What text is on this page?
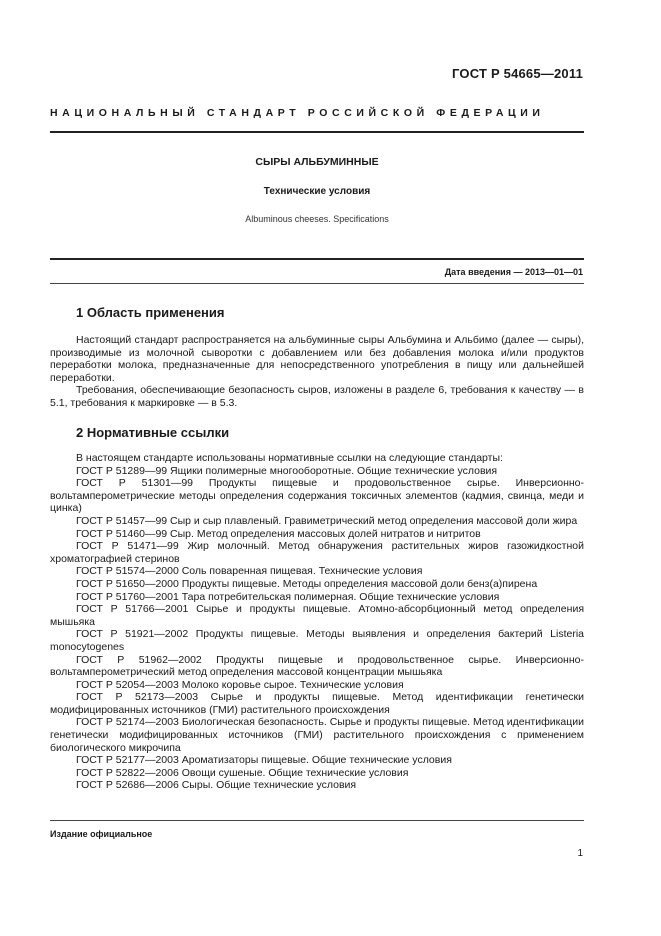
ГОСТ Р 54665—2011
НАЦИОНАЛЬНЫЙ СТАНДАРТ РОССИЙСКОЙ ФЕДЕРАЦИИ
СЫРЫ АЛЬБУМИННЫЕ
Технические условия
Albuminous cheeses. Specifications
Дата введения — 2013—01—01
1 Область применения

Настоящий стандарт распространяется на альбуминные сыры Альбумина и Альбимо (далее — сыры), производимые из молочной сыворотки с добавлением или без добавления молока и/или продуктов переработки молока, предназначенные для непосредственного употребления в пищу или дальнейшей переработки.

Требования, обеспечивающие безопасность сыров, изложены в разделе 6, требования к качеству — в 5.1, требования к маркировке — в 5.3.

2 Нормативные ссылки

В настоящем стандарте использованы нормативные ссылки на следующие стандарты:

ГОСТ Р 51289—99 Ящики полимерные многооборотные. Общие технические условия

ГОСТ Р 51301—99 Продукты пищевые и продовольственное сырье. Инверсионно-вольтамперометрические методы определения содержания токсичных элементов (кадмия, свинца, меди и цинка)

ГОСТ Р 51457—99 Сыр и сыр плавленый. Гравиметрический метод определения массовой доли жира

ГОСТ Р 51460—99 Сыр. Метод определения массовых долей нитратов и нитритов

ГОСТ Р 51471—99 Жир молочный. Метод обнаружения растительных жиров газожидкостной хроматографией стеринов

ГОСТ Р 51574—2000 Соль поваренная пищевая. Технические условия

ГОСТ Р 51650—2000 Продукты пищевые. Методы определения массовой доли бенз(а)пирена

ГОСТ Р 51760—2001 Тара потребительская полимерная. Общие технические условия

ГОСТ Р 51766—2001 Сырье и продукты пищевые. Атомно-абсорбционный метод определения мышьяка

ГОСТ Р 51921—2002 Продукты пищевые. Методы выявления и определения бактерий Listeria monocytogenes

ГОСТ Р 51962—2002 Продукты пищевые и продовольственное сырье. Инверсионно-вольтамперометрический метод определения массовой концентрации мышьяка

ГОСТ Р 52054—2003 Молоко коровье сырое. Технические условия

ГОСТ Р 52173—2003 Сырье и продукты пищевые. Метод идентификации генетически модифицированных источников (ГМИ) растительного происхождения

ГОСТ Р 52174—2003 Биологическая безопасность. Сырье и продукты пищевые. Метод идентификации генетически модифицированных источников (ГМИ) растительного происхождения с применением биологического микрочипа

ГОСТ Р 52177—2003 Ароматизаторы пищевые. Общие технические условия

ГОСТ Р 52822—2006 Овощи сушеные. Общие технические условия

ГОСТ Р 52686—2006 Сыры. Общие технические условия

Издание официальное
1
